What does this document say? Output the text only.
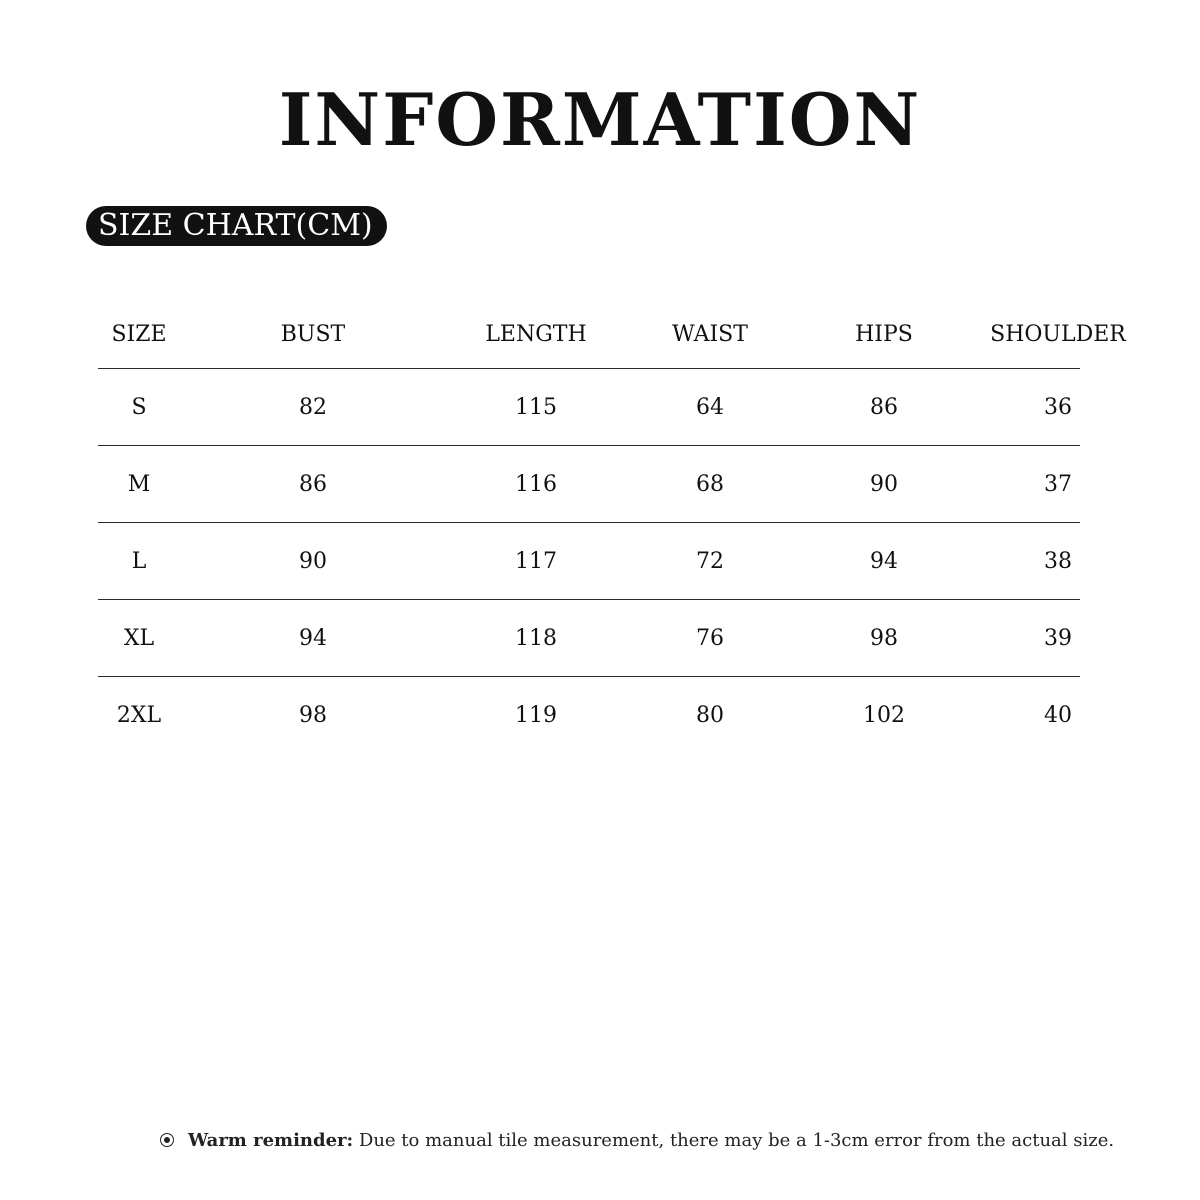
INFORMATION
SIZE CHART(CM)
SIZE	BUST	LENGTH	WAIST	HIPS	SHOULDER
S	82	115	64	86	36
M	86	116	68	90	37
L	90	117	72	94	38
XL	94	118	76	98	39
2XL	98	119	80	102	40
Warm reminder: Due to manual tile measurement, there may be a 1-3cm error from the actual size.
